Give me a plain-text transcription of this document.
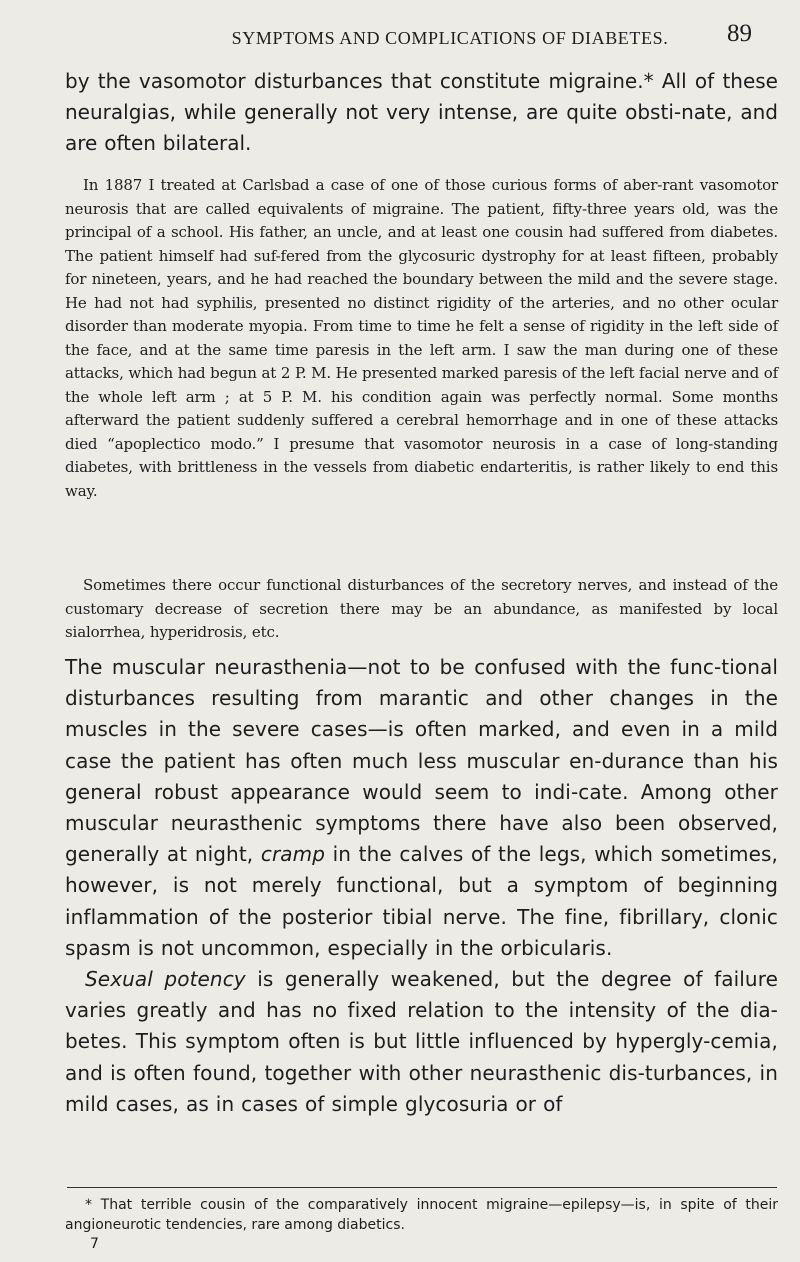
SYMPTOMS AND COMPLICATIONS OF DIABETES.	89

by the vasomotor disturbances that constitute migraine.* All of these neuralgias, while generally not very intense, are quite obsti-nate, and are often bilateral.

In 1887 I treated at Carlsbad a case of one of those curious forms of aber-rant vasomotor neurosis that are called equivalents of migraine. The patient, fifty-three years old, was the principal of a school. His father, an uncle, and at least one cousin had suffered from diabetes. The patient himself had suf-fered from the glycosuric dystrophy for at least fifteen, probably for nineteen, years, and he had reached the boundary between the mild and the severe stage. He had not had syphilis, presented no distinct rigidity of the arteries, and no other ocular disorder than moderate myopia. From time to time he felt a sense of rigidity in the left side of the face, and at the same time paresis in the left arm. I saw the man during one of these attacks, which had begun at 2 P. M. He presented marked paresis of the left facial nerve and of the whole left arm ; at 5 P. M. his condition again was perfectly normal. Some months afterward the patient suddenly suffered a cerebral hemorrhage and in one of these attacks died “apoplectico modo.” I presume that vasomotor neurosis in a case of long-standing diabetes, with brittleness in the vessels from diabetic endarteritis, is rather likely to end this way.

Sometimes there occur functional disturbances of the secretory nerves, and instead of the customary decrease of secretion there may be an abundance, as manifested by local sialorrhea, hyperidrosis, etc.

The muscular neurasthenia—not to be confused with the func-tional disturbances resulting from marantic and other changes in the muscles in the severe cases—is often marked, and even in a mild case the patient has often much less muscular en-durance than his general robust appearance would seem to indi-cate. Among other muscular neurasthenic symptoms there have also been observed, generally at night, cramp in the calves of the legs, which sometimes, however, is not merely functional, but a symptom of beginning inflammation of the posterior tibial nerve. The fine, fibrillary, clonic spasm is not uncommon, especially in the orbicularis.

Sexual potency is generally weakened, but the degree of failure varies greatly and has no fixed relation to the intensity of the dia-betes. This symptom often is but little influenced by hypergly-cemia, and is often found, together with other neurasthenic dis-turbances, in mild cases, as in cases of simple glycosuria or of

* That terrible cousin of the comparatively innocent migraine—epilepsy—is, in spite of their angioneurotic tendencies, rare among diabetics.
7
